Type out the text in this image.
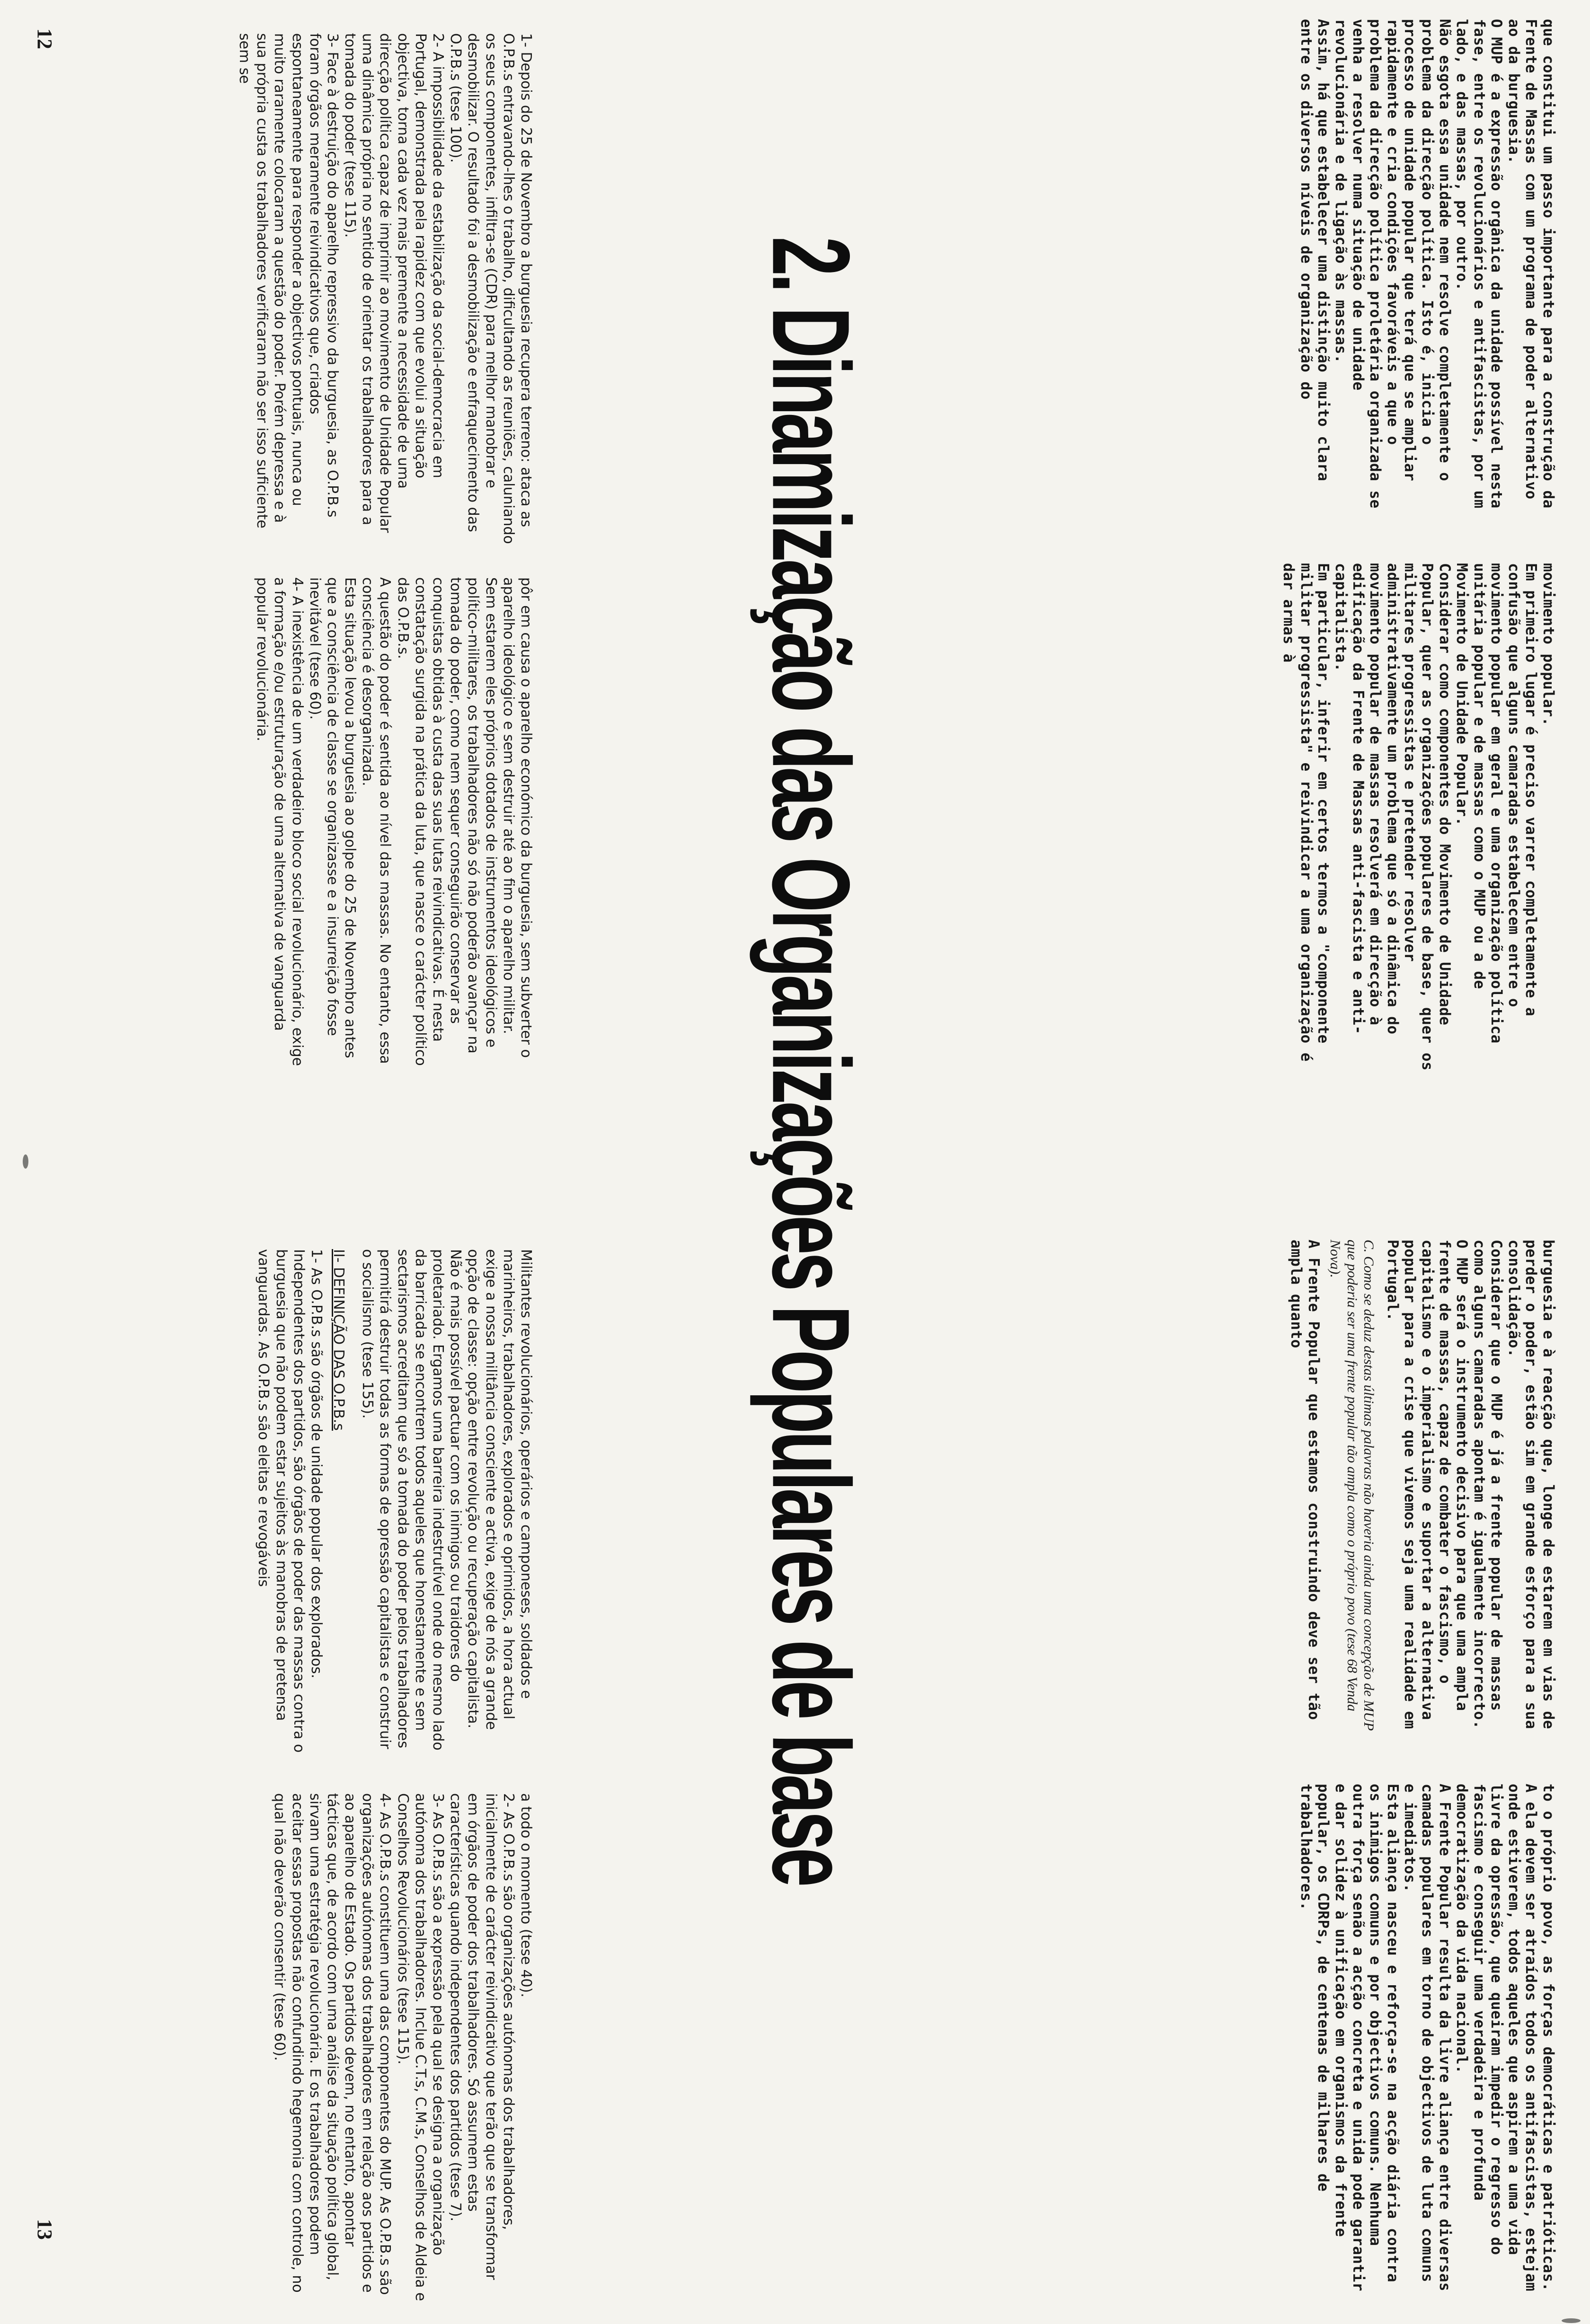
2. Dinamização das Organizações Populares de base
12
13
que constitui um passo importante para a construção da Frente de Massas com um programa de poder alternativo ao da burguesia.
O MUP é a expressão orgânica da unidade possível nesta fase, entre os revolucionários e antifascistas, por um lado, e das massas, por outro.
Não esgota essa unidade nem resolve completamente o problema da direcção política. Isto é, inicia o processo de unidade popular que terá que se ampliar rapidamente e cria condições favoráveis a que o problema da direcção política proletária organizada se venha a resolver numa situação de unidade revolucionária e de ligação às massas.
Assim, há que estabelecer uma distinção muito clara entre os diversos níveis de organização do
movimento popular.
Em primeiro lugar é preciso varrer completamente a confusão que alguns camaradas estabelecem entre o movimento popular em geral e uma organização política unitária popular e de massas como o MUP ou a de Movimento de Unidade Popular.
Considerar como componentes do Movimento de Unidade Popular, quer as organizações populares de base, quer os militares progressistas e pretender resolver administrativamente um problema que só a dinâmica do movimento popular de massas resolverá em direcção à edificação da Frente de Massas anti-fascista e anti-capitalista.
Em particular, inferir em certos termos a "componente militar progressista" e reivindicar a uma organização é dar armas à
burguesia e à reacção que, longe de estarem em vias de perder o poder, estão sim em grande esforço para a sua consolidação.
Considerar que o MUP é já a frente popular de massas como alguns camaradas apontam é igualmente incorrecto.
O MUP será o instrumento decisivo para que uma ampla frente de massas, capaz de combater o fascismo, o capitalismo e o imperialismo e suportar a alternativa popular para a crise que vivemos seja uma realidade em Portugal.
C. Como se deduz destas últimas palavras não haveria ainda uma concepção de MUP que poderia ser uma frente popular tão ampla como o próprio povo (tese 68 Venda Nova).
A Frente Popular que estamos construindo deve ser tão ampla quanto
to o próprio povo, as forças democráticas e patrióticas. A ela devem ser atraídos todos os antifascistas, estejam onde estiverem, todos aqueles que aspirem a uma vida livre da opressão, que queiram impedir o regresso do fascismo e conseguir uma verdadeira e profunda democratização da vida nacional.
A Frente Popular resulta da livre aliança entre diversas camadas populares em torno de objectivos de luta comuns e imediatos.
Esta aliança nasceu e reforça-se na acção diária contra os inimigos comuns e por objectivos comuns. Nenhuma outra força senão a acção concreta e unida pode garantir e dar solidez à unificação em organismos da frente popular, os CDRPs, de centenas de milhares de trabalhadores.
1- Depois do 25 de Novembro a burguesia recupera terreno: ataca as O.P.B.s entravando-lhes o trabalho, dificultando as reuniões, caluniando os seus componentes, infiltra-se (CDR) para melhor manobrar e desmobilizar. O resultado foi a desmobilização e enfraquecimento das O.P.B.s (tese 100).
2- A impossibilidade da estabilização da social-democracia em Portugal, demonstrada pela rapidez com que evolui a situação objectiva, torna cada vez mais premente a necessidade de uma direcção política capaz de imprimir ao movimento de Unidade Popular uma dinâmica própria no sentido de orientar os trabalhadores para a tomada do poder (tese 115).
3- Face à destruição do aparelho repressivo da burguesia, as O.P.B.s foram órgãos meramente reivindicativos que, criados espontaneamente para responder a objectivos pontuais, nunca ou muito raramente colocaram a questão do poder. Porém depressa e à sua própria custa os trabalhadores verificaram não ser isso suficiente sem se
pôr em causa o aparelho económico da burguesia, sem subverter o aparelho ideológico e sem destruir até ao fim o aparelho militar.
Sem estarem eles próprios dotados de instrumentos ideológicos e político-militares, os trabalhadores não só não poderão avançar na tomada do poder, como nem sequer conseguirão conservar as conquistas obtidas à custa das suas lutas reivindicativas. É nesta constatação surgida na prática da luta, que nasce o carácter político das O.P.B.s.
A questão do poder é sentida ao nível das massas. No entanto, essa consciência é desorganizada.
Esta situação levou a burguesia ao golpe do 25 de Novembro antes que a consciência de classe se organizasse e a insurreição fosse inevitável (tese 60).
4- A inexistência de um verdadeiro bloco social revolucionário, exige a formação e/ou estruturação de uma alternativa de vanguarda popular revolucionária.
Militantes revolucionários, operários e camponeses, soldados e marinheiros, trabalhadores, explorados e oprimidos, a hora actual exige a nossa militância consciente e activa, exige de nós a grande opção de classe: opção entre revolução ou recuperação capitalista. Não é mais possível pactuar com os inimigos ou traidores do proletariado. Ergamos uma barreira indestrutível onde do mesmo lado da barricada se encontrem todos aqueles que honestamente e sem sectarismos acreditam que só a tomada do poder pelos trabalhadores permitirá destruir todas as formas de opressão capitalistas e construir o socialismo (tese 155).
II- DEFINIÇÃO DAS O.P.B.s
1- As O.P.B.s são órgãos de unidade popular dos explorados. Independentes dos partidos, são órgãos de poder das massas contra o burguesia que não podem estar sujeitos às manobras de pretensa vanguardas. As O.P.B.s são eleitas e revogáveis
a todo o momento (tese 40).
2- As O.P.B.s são organizações autónomas dos trabalhadores, inicialmente de carácter reivindicativo que terão que se transformar em órgãos de poder dos trabalhadores. Só assumem estas características quando independentes dos partidos (tese 7).
3- As O.P.B.s são a expressão pela qual se designa a organização autónoma dos trabalhadores. Inclue C.T.s, C.M.s, Conselhos de Aldeia e Conselhos Revolucionários (tese 115).
4- As O.P.B.s constituem uma das componentes do MUP. As O.P.B.s são organizações autónomas dos trabalhadores em relação aos partidos e ao aparelho de Estado. Os partidos devem, no entanto, apontar tácticas que, de acordo com uma análise da situação política global, sirvam uma estratégia revolucionária. E os trabalhadores podem aceitar essas propostas não confundindo hegemonia com controle, no qual não deverão consentir (tese 60).
